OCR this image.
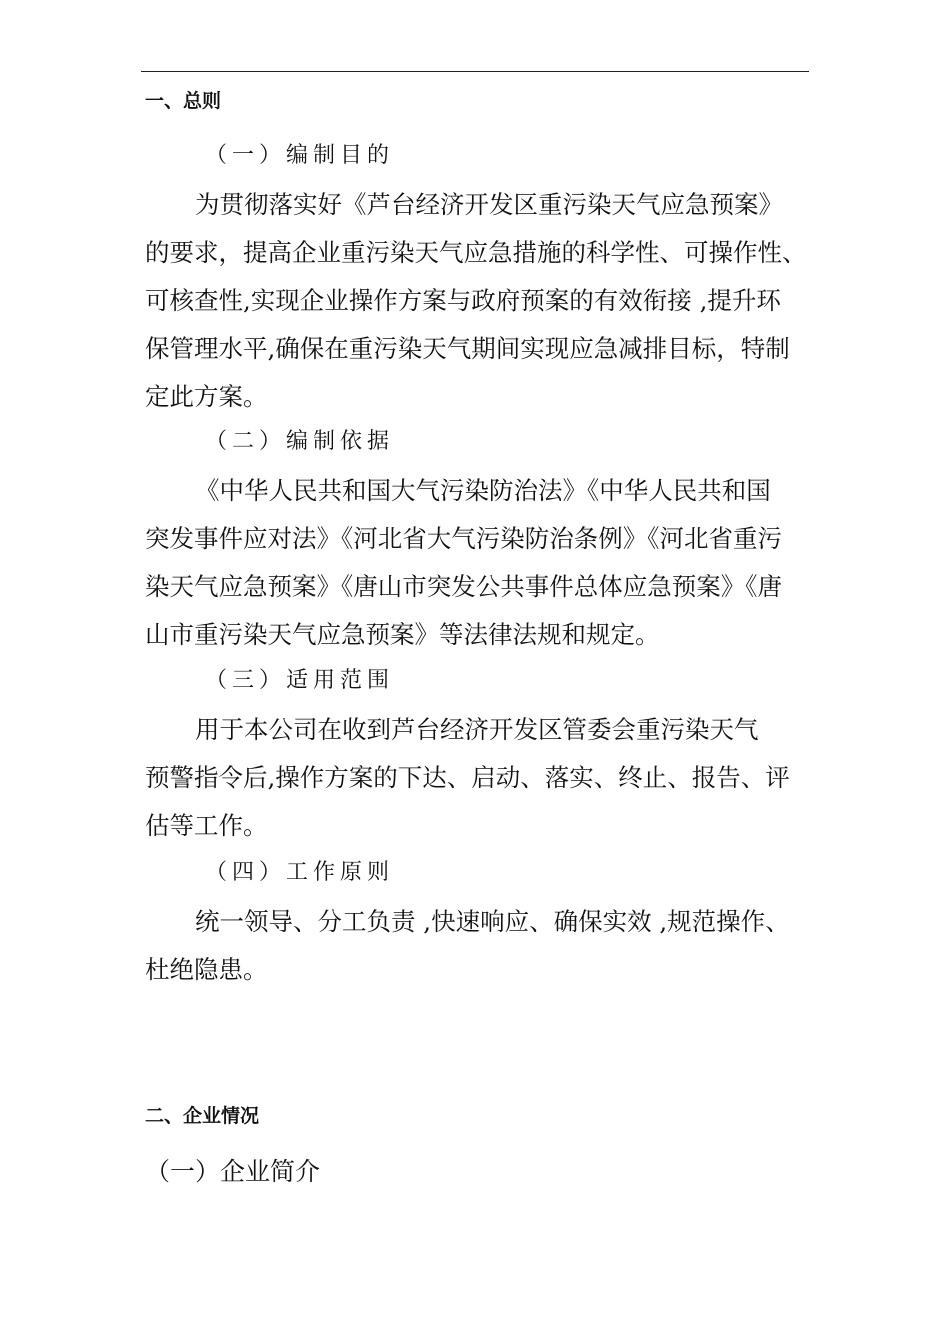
一、总则
（一）编制目的
为贯彻落实好《芦台经济开发区重污染天气应急预案》
的要求，提高企业重污染天气应急措施的科学性、可操作性、
可核查性,实现企业操作方案与政府预案的有效衔接 ,提升环
保管理水平,确保在重污染天气期间实现应急减排目标，特制
定此方案。
（二）编制依据
《中华人民共和国大气污染防治法》《中华人民共和国
突发事件应对法》《河北省大气污染防治条例》《河北省重污
染天气应急预案》《唐山市突发公共事件总体应急预案》《唐
山市重污染天气应急预案》等法律法规和规定。
（三）适用范围
用于本公司在收到芦台经济开发区管委会重污染天气
预警指令后,操作方案的下达、启动、落实、终止、报告、评
估等工作。
（四）工作原则
统一领导、分工负责 ,快速响应、确保实效 ,规范操作、
杜绝隐患。
二、企业情况
（一）企业简介
